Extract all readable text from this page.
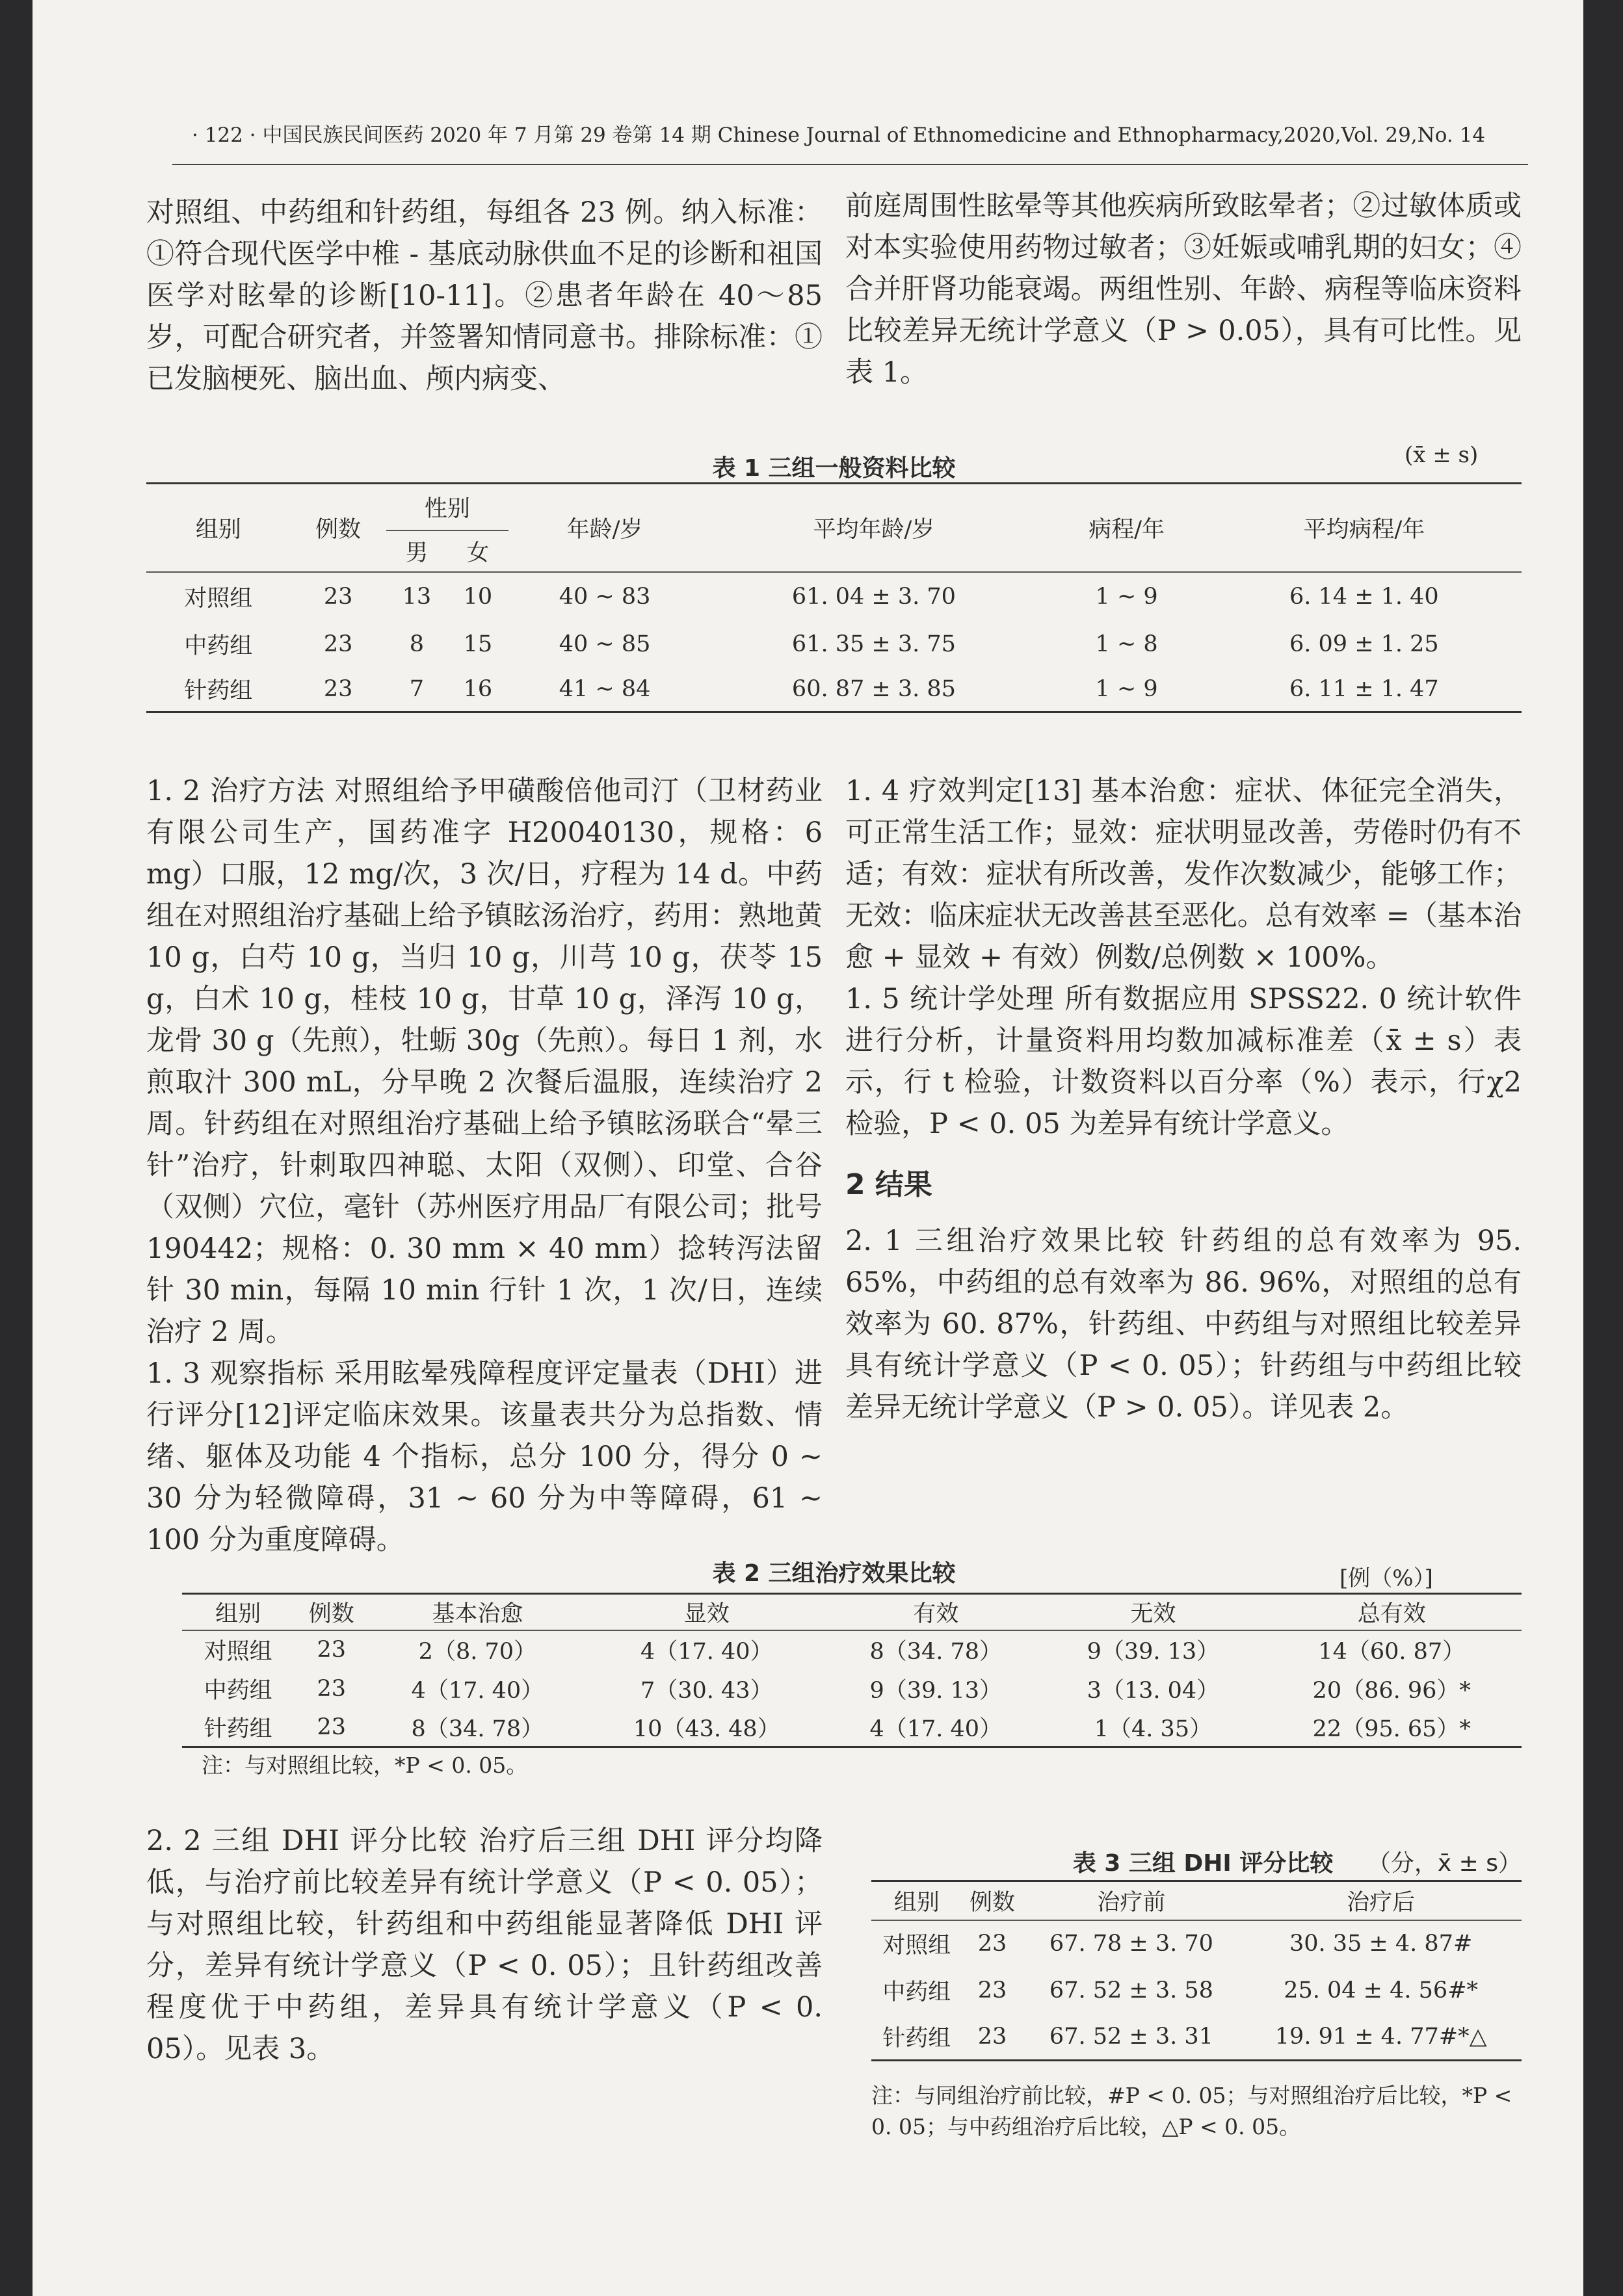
· 122 · 中国民族民间医药 2020 年 7 月第 29 卷第 14 期 Chinese Journal of Ethnomedicine and Ethnopharmacy,2020,Vol. 29,No. 14

对照组、中药组和针药组，每组各 23 例。纳入标准：①符合现代医学中椎 - 基底动脉供血不足的诊断和祖国医学对眩晕的诊断[10-11]。②患者年龄在 40～85 岁，可配合研究者，并签署知情同意书。排除标准：①已发脑梗死、脑出血、颅内病变、

前庭周围性眩晕等其他疾病所致眩晕者；②过敏体质或对本实验使用药物过敏者；③妊娠或哺乳期的妇女；④合并肝肾功能衰竭。两组性别、年龄、病程等临床资料比较差异无统计学意义（P > 0.05），具有可比性。见表 1。

表 1 三组一般资料比较	(x̄ ± s)
组别	例数	性别		年龄/岁	平均年龄/岁	病程/年	平均病程/年
		男	女				
对照组	23	13	10	40 ~ 83	61. 04 ± 3. 70	1 ~ 9	6. 14 ± 1. 40
中药组	23	8	15	40 ~ 85	61. 35 ± 3. 75	1 ~ 8	6. 09 ± 1. 25
针药组	23	7	16	41 ~ 84	60. 87 ± 3. 85	1 ~ 9	6. 11 ± 1. 47

1. 2 治疗方法 对照组给予甲磺酸倍他司汀（卫材药业有限公司生产，国药准字 H20040130，规格：6 mg）口服，12 mg/次，3 次/日，疗程为 14 d。中药组在对照组治疗基础上给予镇眩汤治疗，药用：熟地黄 10 g，白芍 10 g，当归 10 g，川芎 10 g，茯苓 15 g，白术 10 g，桂枝 10 g，甘草 10 g，泽泻 10 g，龙骨 30 g（先煎），牡蛎 30g（先煎）。每日 1 剂，水煎取汁 300 mL，分早晚 2 次餐后温服，连续治疗 2 周。针药组在对照组治疗基础上给予镇眩汤联合“晕三针”治疗，针刺取四神聪、太阳（双侧）、印堂、合谷（双侧）穴位，毫针（苏州医疗用品厂有限公司；批号 190442；规格：0. 30 mm × 40 mm）捻转泻法留针 30 min，每隔 10 min 行针 1 次，1 次/日，连续治疗 2 周。

1. 3 观察指标 采用眩晕残障程度评定量表（DHI）进行评分[12]评定临床效果。该量表共分为总指数、情绪、躯体及功能 4 个指标，总分 100 分，得分 0 ~ 30 分为轻微障碍，31 ~ 60 分为中等障碍，61 ~ 100 分为重度障碍。

1. 4 疗效判定[13] 基本治愈：症状、体征完全消失，可正常生活工作；显效：症状明显改善，劳倦时仍有不适；有效：症状有所改善，发作次数减少，能够工作；无效：临床症状无改善甚至恶化。总有效率 =（基本治愈 + 显效 + 有效）例数/总例数 × 100%。

1. 5 统计学处理 所有数据应用 SPSS22. 0 统计软件进行分析，计量资料用均数加减标准差（x̄ ± s）表示，行 t 检验，计数资料以百分率（%）表示，行χ2 检验，P < 0. 05 为差异有统计学意义。

2 结果

2. 1 三组治疗效果比较 针药组的总有效率为 95. 65%，中药组的总有效率为 86. 96%，对照组的总有效率为 60. 87%，针药组、中药组与对照组比较差异具有统计学意义（P < 0. 05）；针药组与中药组比较差异无统计学意义（P > 0. 05）。详见表 2。

表 2 三组治疗效果比较	[例（%）]
组别	例数	基本治愈	显效	有效	无效	总有效
对照组	23	2（8. 70）	4（17. 40）	8（34. 78）	9（39. 13）	14（60. 87）
中药组	23	4（17. 40）	7（30. 43）	9（39. 13）	3（13. 04）	20（86. 96）*
针药组	23	8（34. 78）	10（43. 48）	4（17. 40）	1（4. 35）	22（95. 65）*
注：与对照组比较，*P < 0. 05。

2. 2 三组 DHI 评分比较 治疗后三组 DHI 评分均降低，与治疗前比较差异有统计学意义（P < 0. 05）；与对照组比较，针药组和中药组能显著降低 DHI 评分，差异有统计学意义（P < 0. 05）；且针药组改善程度优于中药组，差异具有统计学意义（P < 0. 05）。见表 3。

表 3 三组 DHI 评分比较 （分，x̄ ± s）
组别	例数	治疗前	治疗后
对照组	23	67. 78 ± 3. 70	30. 35 ± 4. 87#
中药组	23	67. 52 ± 3. 58	25. 04 ± 4. 56#*
针药组	23	67. 52 ± 3. 31	19. 91 ± 4. 77#*△
注：与同组治疗前比较，#P < 0. 05；与对照组治疗后比较，*P < 0. 05；与中药组治疗后比较，△P < 0. 05。
